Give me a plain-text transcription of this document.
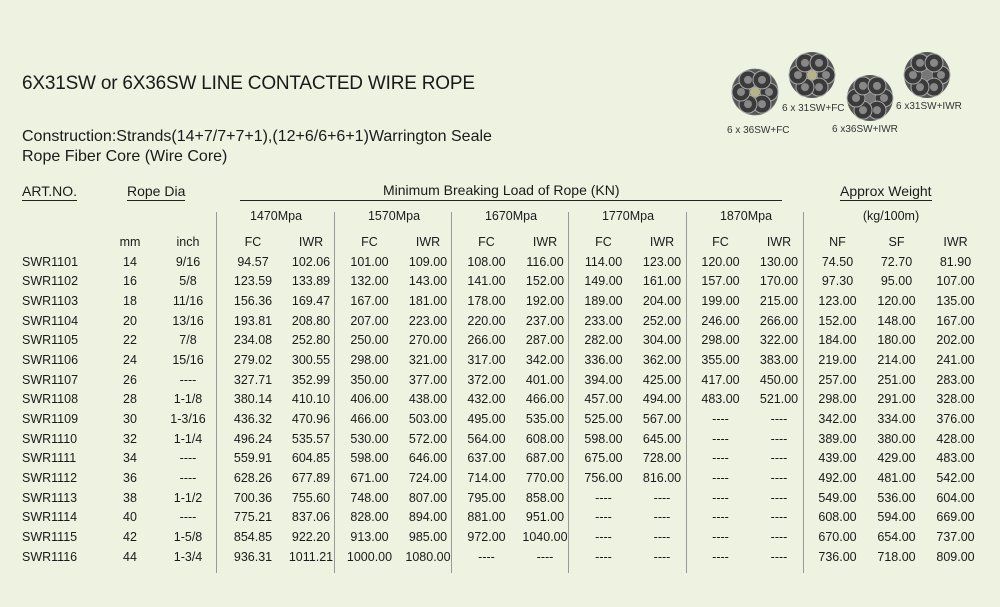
6X31SW or 6X36SW LINE CONTACTED WIRE ROPE
Construction:Strands(14+7/7+7+1),(12+6/6+6+1)Warrington Seale
Rope Fiber Core (Wire Core)
6 x 36SW+FC
6 x 31SW+FC
6 x36SW+IWR
6 x31SW+IWR
ART.NO.	Rope Dia	Minimum Breaking Load of Rope (KN)	Approx Weight
1470Mpa	1570Mpa	1670Mpa	1770Mpa	1870Mpa	(kg/100m)
	mm	inch	FC	IWR	FC	IWR	FC	IWR	FC	IWR	FC	IWR	NF	SF	IWR
SWR1101	14	9/16	94.57	102.06	101.00	109.00	108.00	116.00	114.00	123.00	120.00	130.00	74.50	72.70	81.90
SWR1102	16	5/8	123.59	133.89	132.00	143.00	141.00	152.00	149.00	161.00	157.00	170.00	97.30	95.00	107.00
SWR1103	18	11/16	156.36	169.47	167.00	181.00	178.00	192.00	189.00	204.00	199.00	215.00	123.00	120.00	135.00
SWR1104	20	13/16	193.81	208.80	207.00	223.00	220.00	237.00	233.00	252.00	246.00	266.00	152.00	148.00	167.00
SWR1105	22	7/8	234.08	252.80	250.00	270.00	266.00	287.00	282.00	304.00	298.00	322.00	184.00	180.00	202.00
SWR1106	24	15/16	279.02	300.55	298.00	321.00	317.00	342.00	336.00	362.00	355.00	383.00	219.00	214.00	241.00
SWR1107	26	----	327.71	352.99	350.00	377.00	372.00	401.00	394.00	425.00	417.00	450.00	257.00	251.00	283.00
SWR1108	28	1-1/8	380.14	410.10	406.00	438.00	432.00	466.00	457.00	494.00	483.00	521.00	298.00	291.00	328.00
SWR1109	30	1-3/16	436.32	470.96	466.00	503.00	495.00	535.00	525.00	567.00	----	----	342.00	334.00	376.00
SWR1110	32	1-1/4	496.24	535.57	530.00	572.00	564.00	608.00	598.00	645.00	----	----	389.00	380.00	428.00
SWR1111	34	----	559.91	604.85	598.00	646.00	637.00	687.00	675.00	728.00	----	----	439.00	429.00	483.00
SWR1112	36	----	628.26	677.89	671.00	724.00	714.00	770.00	756.00	816.00	----	----	492.00	481.00	542.00
SWR1113	38	1-1/2	700.36	755.60	748.00	807.00	795.00	858.00	----	----	----	----	549.00	536.00	604.00
SWR1114	40	----	775.21	837.06	828.00	894.00	881.00	951.00	----	----	----	----	608.00	594.00	669.00
SWR1115	42	1-5/8	854.85	922.20	913.00	985.00	972.00	1040.00	----	----	----	----	670.00	654.00	737.00
SWR1116	44	1-3/4	936.31	1011.21	1000.00	1080.00	----	----	----	----	----	----	736.00	718.00	809.00
